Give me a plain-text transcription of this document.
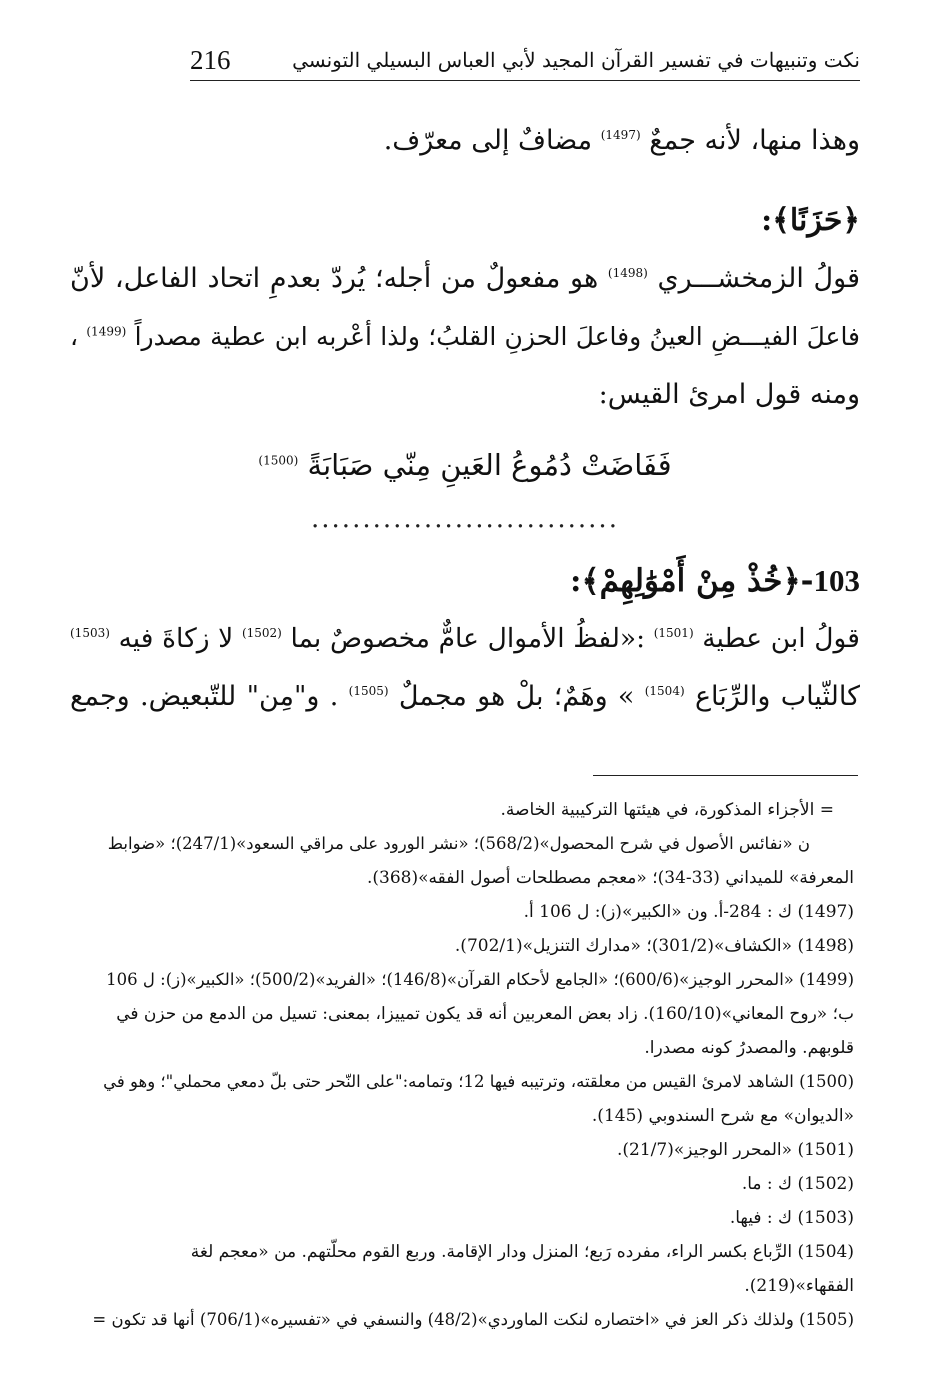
نكت وتنبيهات في تفسير القرآن المجيد لأبي العباس البسيلي التونسي
216
وهذا منها، لأنه جمعٌ $^{(1497)}$ مضافٌ إلى معرّف.
﴿حَزَنًا﴾:
قولُ الزمخشـــري $^{(1498)}$ هو مفعولٌ من أجله؛ يُردّ بعدمِ اتحاد الفاعل، لأنّ
فاعلَ الفيـــضِ العينُ وفاعلَ الحزنِ القلبُ؛ ولذا أعْربه ابن عطية مصدراً $^{(1499)}$ ،
ومنه قول امرئ القيس:
فَفَاضَتْ دُمُوعُ العَينِ مِنّي صَبَابَةً $^{(1500)}$
..............................
103-﴿خُذْ مِنْ أَمْوَٰلِهِمْ﴾:
قولُ ابن عطية $^{(1501)}$ :«لفظُ الأموال عامٌّ مخصوصٌ بما $^{(1502)}$ لا زكاةَ فيه $^{(1503)}$
كالثّياب والرِّبَاع $^{(1504)}$ » وهَمٌ؛ بلْ هو مجملٌ $^{(1505)}$ . و"مِن" للتّبعيض. وجمع
= الأجزاء المذكورة، في هيئتها التركيبية الخاصة.
ن «نفائس الأصول في شرح المحصول»(568/2)؛ «نشر الورود على مراقي السعود»(247/1)؛ «ضوابط
المعرفة» للميداني (33-34)؛ «معجم مصطلحات أصول الفقه»(368).
(1497) ك : 284-أ. ون «الكبير»(ز): ل 106 أ.
(1498) «الكشاف»(301/2)؛ «مدارك التنزيل»(702/1).
(1499) «المحرر الوجيز»(600/6)؛ «الجامع لأحكام القرآن»(146/8)؛ «الفريد»(500/2)؛ «الكبير»(ز): ل 106
ب؛ «روح المعاني»(160/10). زاد بعض المعربين أنه قد يكون تمييزا، بمعنى: تسيل من الدمع من حزن في
قلوبهم. والمصدرُ كونه مصدرا.
(1500) الشاهد لامرئ القيس من معلقته، وترتيبه فيها 12؛ وتمامه:"على النّحر حتى بلّ دمعي محملي"؛ وهو في
«الديوان» مع شرح السندوبي (145).
(1501) «المحرر الوجيز»(21/7).
(1502) ك : ما.
(1503) ك : فيها.
(1504) الرِّباع بكسر الراء، مفرده رَبع؛ المنزل ودار الإقامة. وربع القوم محلّتهم. من «معجم لغة
الفقهاء»(219).
(1505) ولذلك ذكر العز في «اختصاره لنكت الماوردي»(48/2) والنسفي في «تفسيره»(706/1) أنها قد تكون =
